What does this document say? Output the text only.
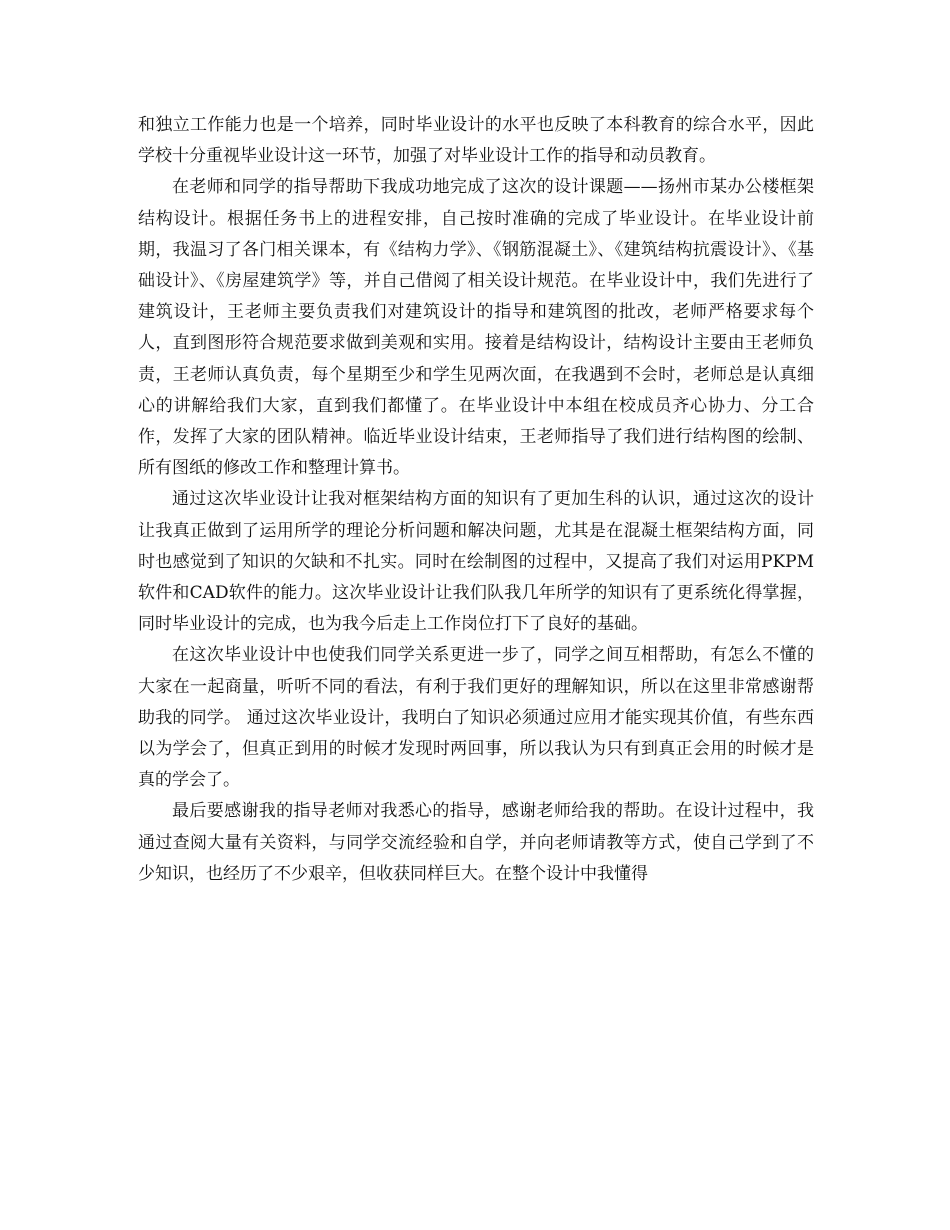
和独立工作能力也是一个培养，同时毕业设计的水平也反映了本科教育的综合水平，因此学校十分重视毕业设计这一环节，加强了对毕业设计工作的指导和动员教育。

在老师和同学的指导帮助下我成功地完成了这次的设计课题——扬州市某办公楼框架结构设计。根据任务书上的进程安排，自己按时准确的完成了毕业设计。在毕业设计前期，我温习了各门相关课本，有《结构力学》、《钢筋混凝土》、《建筑结构抗震设计》、《基础设计》、《房屋建筑学》等，并自己借阅了相关设计规范。在毕业设计中，我们先进行了建筑设计，王老师主要负责我们对建筑设计的指导和建筑图的批改，老师严格要求每个人，直到图形符合规范要求做到美观和实用。接着是结构设计，结构设计主要由王老师负责，王老师认真负责，每个星期至少和学生见两次面，在我遇到不会时，老师总是认真细心的讲解给我们大家，直到我们都懂了。在毕业设计中本组在校成员齐心协力、分工合作，发挥了大家的团队精神。临近毕业设计结束，王老师指导了我们进行结构图的绘制、所有图纸的修改工作和整理计算书。

通过这次毕业设计让我对框架结构方面的知识有了更加生科的认识，通过这次的设计让我真正做到了运用所学的理论分析问题和解决问题，尤其是在混凝土框架结构方面，同时也感觉到了知识的欠缺和不扎实。同时在绘制图的过程中，又提高了我们对运用PKPM软件和CAD软件的能力。这次毕业设计让我们队我几年所学的知识有了更系统化得掌握，同时毕业设计的完成，也为我今后走上工作岗位打下了良好的基础。

在这次毕业设计中也使我们同学关系更进一步了，同学之间互相帮助，有怎么不懂的大家在一起商量，听听不同的看法，有利于我们更好的理解知识，所以在这里非常感谢帮助我的同学。 通过这次毕业设计，我明白了知识必须通过应用才能实现其价值，有些东西以为学会了，但真正到用的时候才发现时两回事，所以我认为只有到真正会用的时候才是真的学会了。

最后要感谢我的指导老师对我悉心的指导，感谢老师给我的帮助。在设计过程中，我通过查阅大量有关资料，与同学交流经验和自学，并向老师请教等方式，使自己学到了不少知识，也经历了不少艰辛，但收获同样巨大。在整个设计中我懂得
